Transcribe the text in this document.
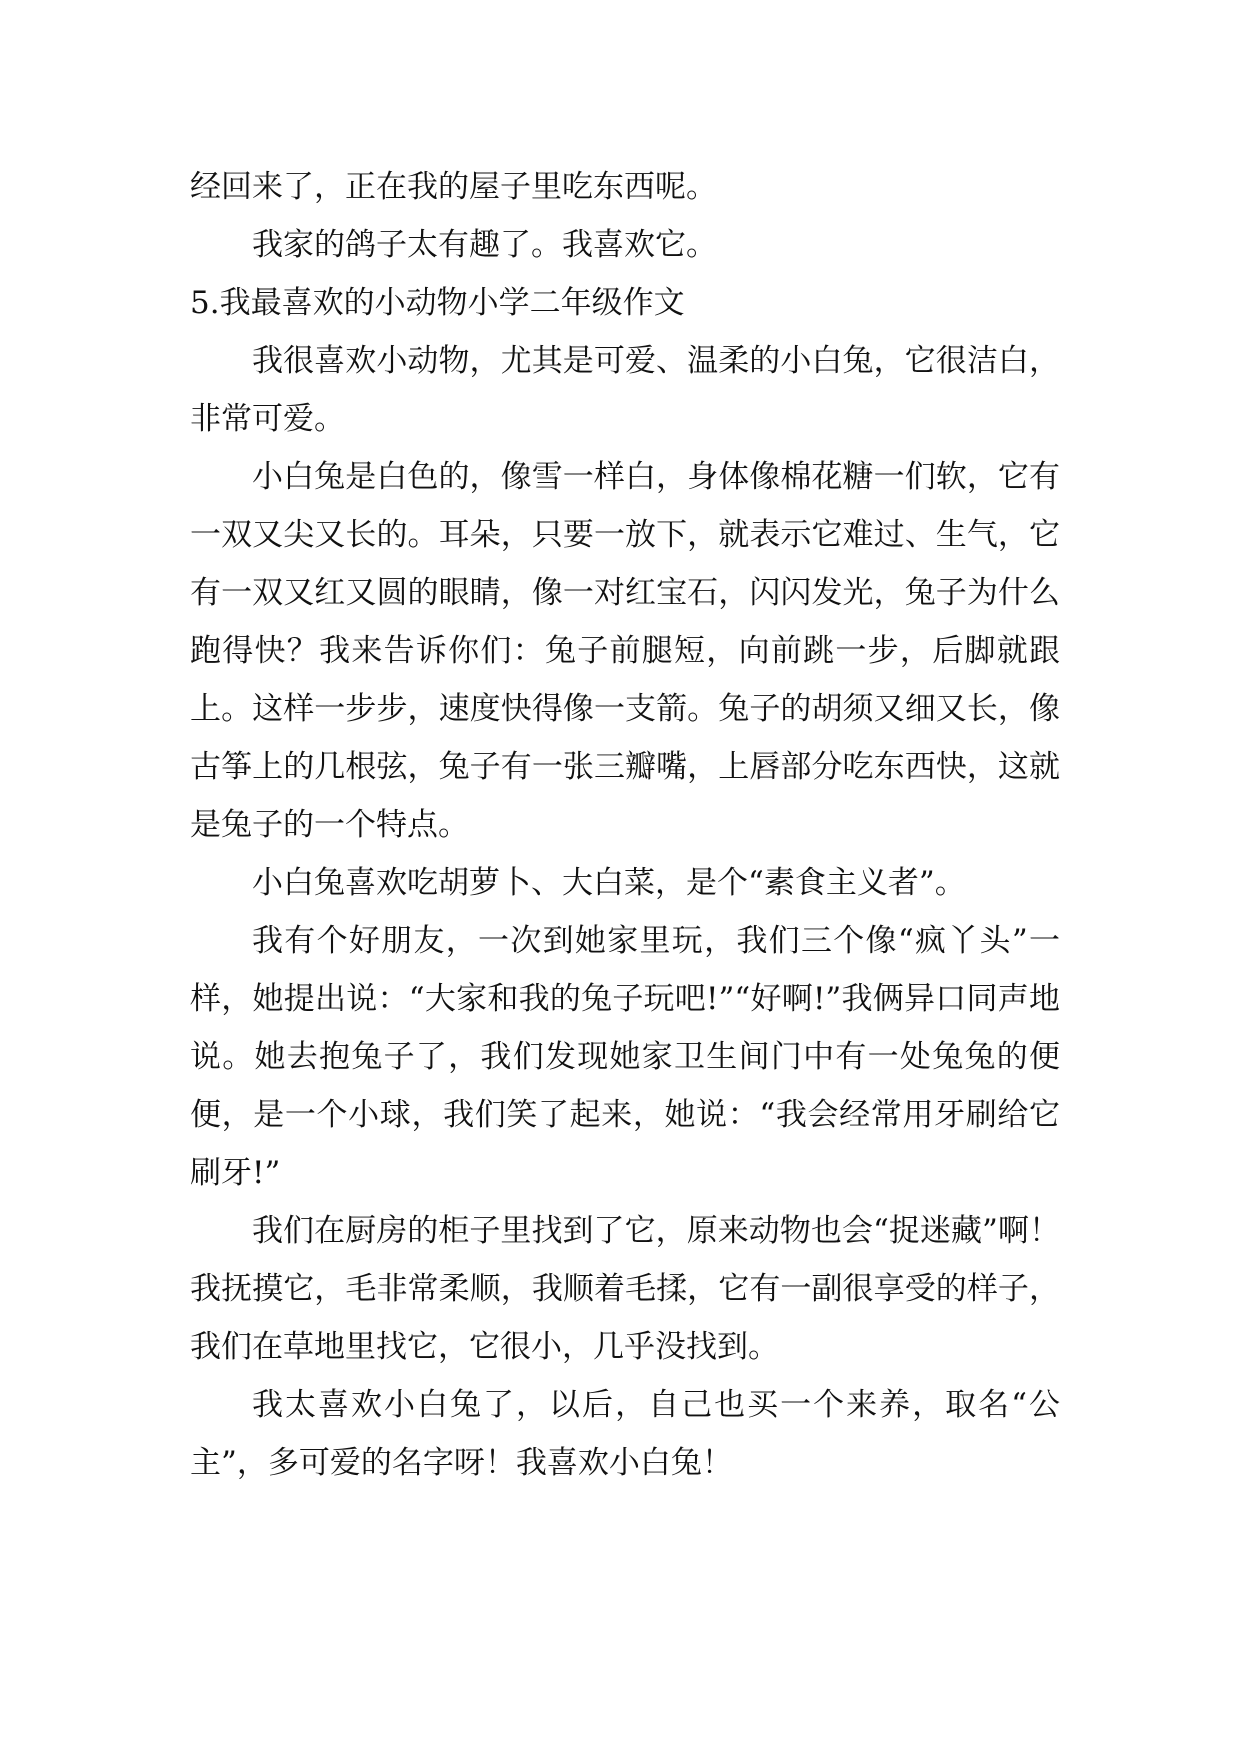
经回来了，正在我的屋子里吃东西呢。

我家的鸽子太有趣了。我喜欢它。

5.我最喜欢的小动物小学二年级作文

我很喜欢小动物，尤其是可爱、温柔的小白兔，它很洁白，非常可爱。

小白兔是白色的，像雪一样白，身体像棉花糖一们软，它有一双又尖又长的。耳朵，只要一放下，就表示它难过、生气，它有一双又红又圆的眼睛，像一对红宝石，闪闪发光，兔子为什么跑得快？我来告诉你们：兔子前腿短，向前跳一步，后脚就跟上。这样一步步，速度快得像一支箭。兔子的胡须又细又长，像古筝上的几根弦，兔子有一张三瓣嘴，上唇部分吃东西快，这就是兔子的一个特点。

小白兔喜欢吃胡萝卜、大白菜，是个“素食主义者”。

我有个好朋友，一次到她家里玩，我们三个像“疯丫头”一样，她提出说：“大家和我的兔子玩吧!”“好啊!”我俩异口同声地说。她去抱兔子了，我们发现她家卫生间门中有一处兔兔的便便，是一个小球，我们笑了起来，她说：“我会经常用牙刷给它刷牙!”

我们在厨房的柜子里找到了它，原来动物也会“捉迷藏”啊！我抚摸它，毛非常柔顺，我顺着毛揉，它有一副很享受的样子，我们在草地里找它，它很小，几乎没找到。

我太喜欢小白兔了，以后，自己也买一个来养，取名“公主”，多可爱的名字呀！我喜欢小白兔！
